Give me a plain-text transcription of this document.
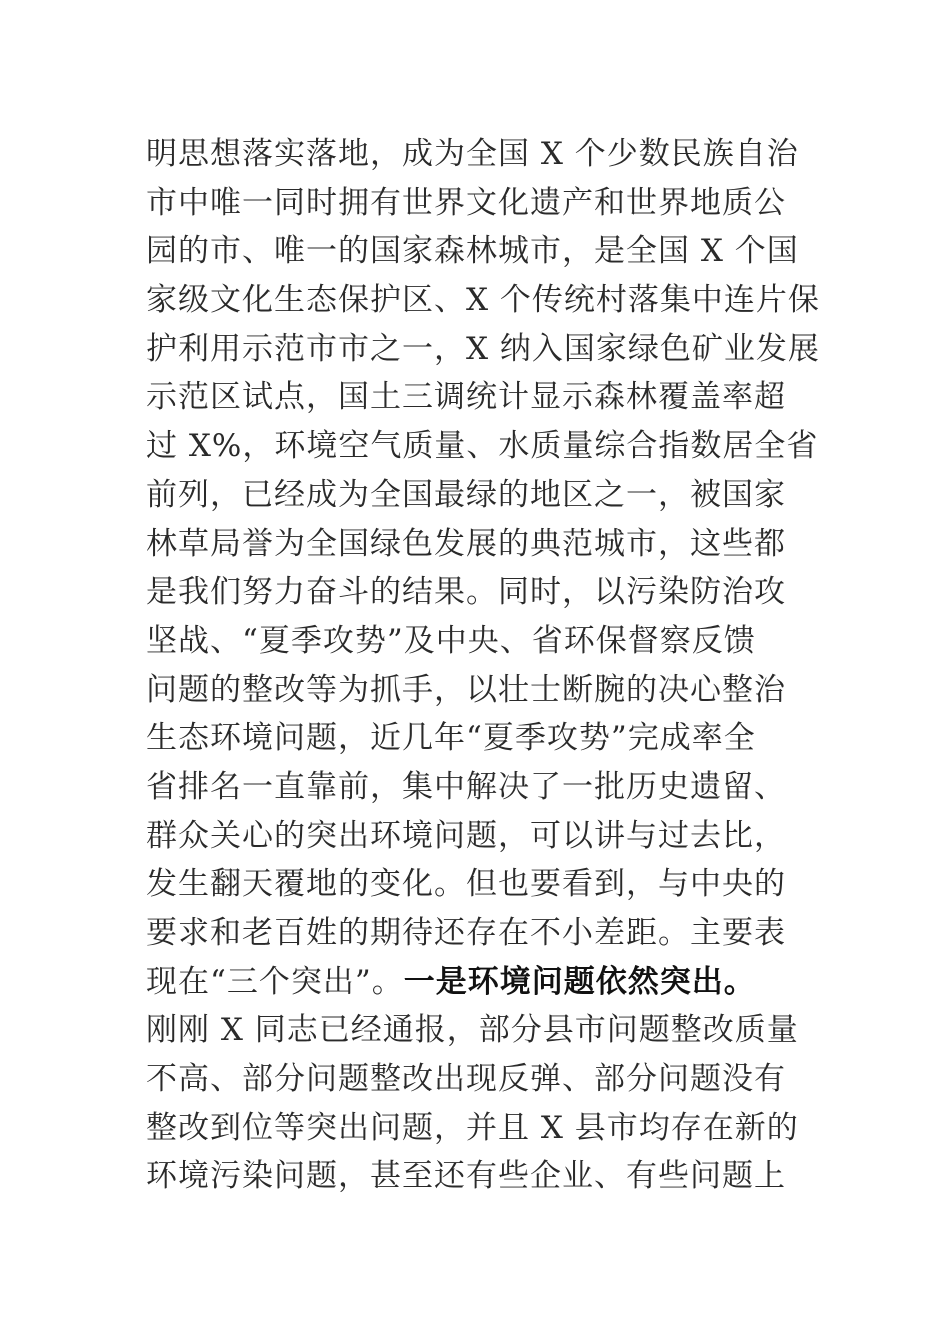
明思想落实落地，成为全国 X 个少数民族自治
市中唯一同时拥有世界文化遗产和世界地质公
园的市、唯一的国家森林城市，是全国 X 个国
家级文化生态保护区、X 个传统村落集中连片保
护利用示范市市之一，X 纳入国家绿色矿业发展
示范区试点，国土三调统计显示森林覆盖率超
过 X%，环境空气质量、水质量综合指数居全省
前列，已经成为全国最绿的地区之一，被国家
林草局誉为全国绿色发展的典范城市，这些都
是我们努力奋斗的结果。同时，以污染防治攻
坚战、“夏季攻势”及中央、省环保督察反馈
问题的整改等为抓手，以壮士断腕的决心整治
生态环境问题，近几年“夏季攻势”完成率全
省排名一直靠前，集中解决了一批历史遗留、
群众关心的突出环境问题，可以讲与过去比，
发生翻天覆地的变化。但也要看到，与中央的
要求和老百姓的期待还存在不小差距。主要表
现在“三个突出”。一是环境问题依然突出。
刚刚 X 同志已经通报，部分县市问题整改质量
不高、部分问题整改出现反弹、部分问题没有
整改到位等突出问题，并且 X 县市均存在新的
环境污染问题，甚至还有些企业、有些问题上
